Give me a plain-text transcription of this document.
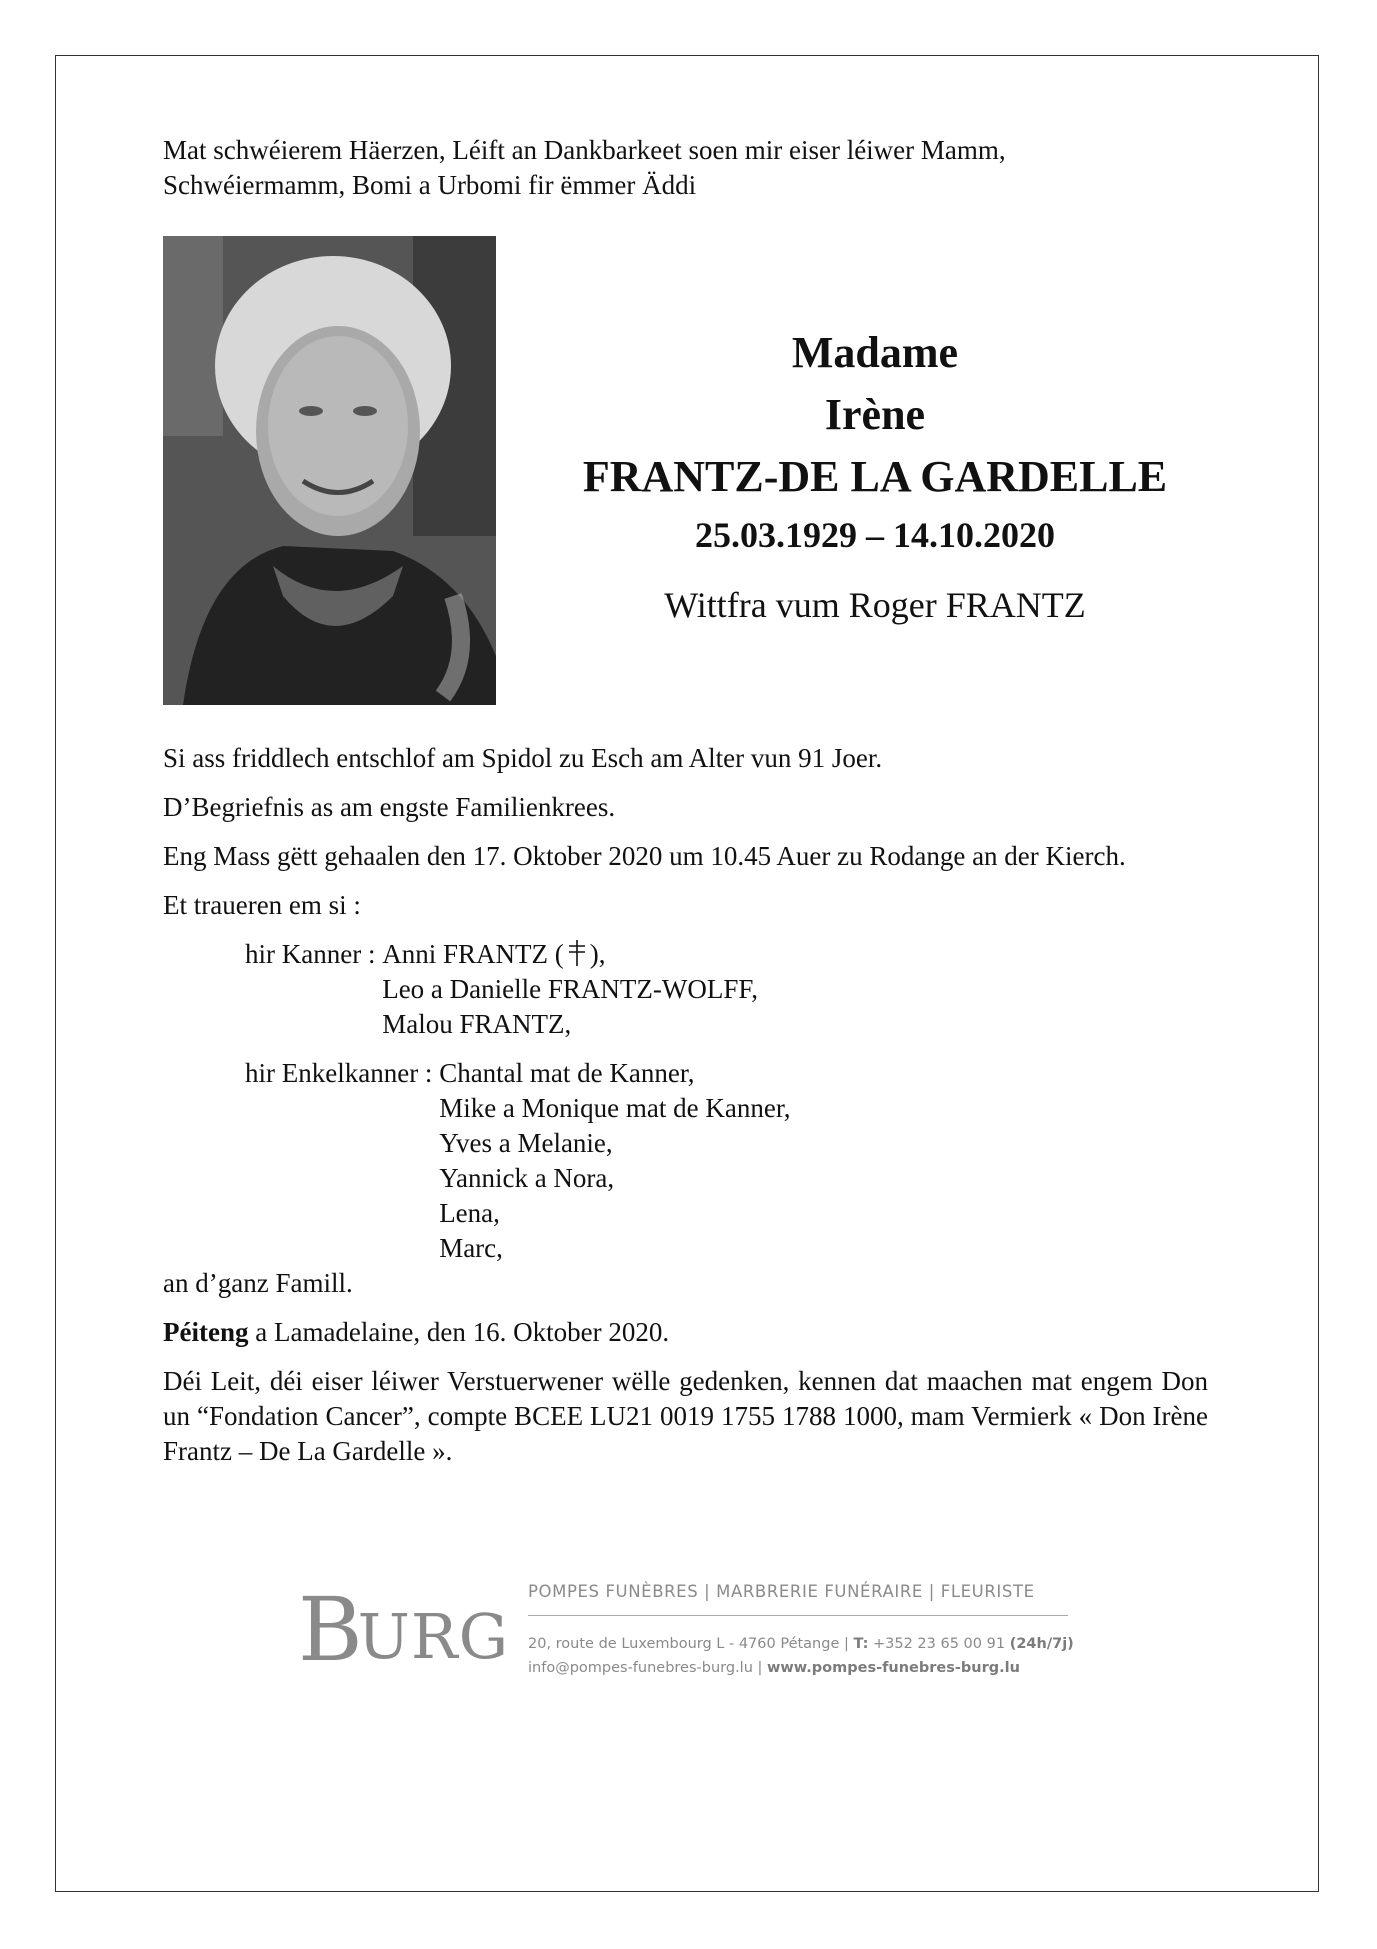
Mat schwéierem Häerzen, Léift an Dankbarkeet soen mir eiser léiwer Mamm,
Schwéiermamm, Bomi a Urbomi fir ëmmer Äddi
Madame
Irène
FRANTZ-DE LA GARDELLE
25.03.1929 – 14.10.2020
Wittfra vum Roger FRANTZ

Si ass friddlech entschlof am Spidol zu Esch am Alter vun 91 Joer.

D’Begriefnis as am engste Familienkrees.

Eng Mass gëtt gehaalen den 17. Oktober 2020 um 10.45 Auer zu Rodange an der Kierch.

Et traueren em si :

hir Kanner : Anni FRANTZ ( ),
Leo a Danielle FRANTZ-WOLFF,
Malou FRANTZ,
hir Enkelkanner : Chantal mat de Kanner,
Mike a Monique mat de Kanner,
Yves a Melanie,
Yannick a Nora,
Lena,
Marc,

an d’ganz Famill.

Péiteng a Lamadelaine, den 16. Oktober 2020.

Déi Leit, déi eiser léiwer Verstuerwener wëlle gedenken, kennen dat maachen mat engem Don un “Fondation Cancer”, compte BCEE LU21 0019 1755 1788 1000, mam Vermierk « Don Irène Frantz – De La Gardelle ».

BURG
POMPES FUNÈBRES | MARBRERIE FUNÉRAIRE | FLEURISTE
20, route de Luxembourg L - 4760 Pétange | T: +352 23 65 00 91 (24h/7j)
info@pompes-funebres-burg.lu | www.pompes-funebres-burg.lu
